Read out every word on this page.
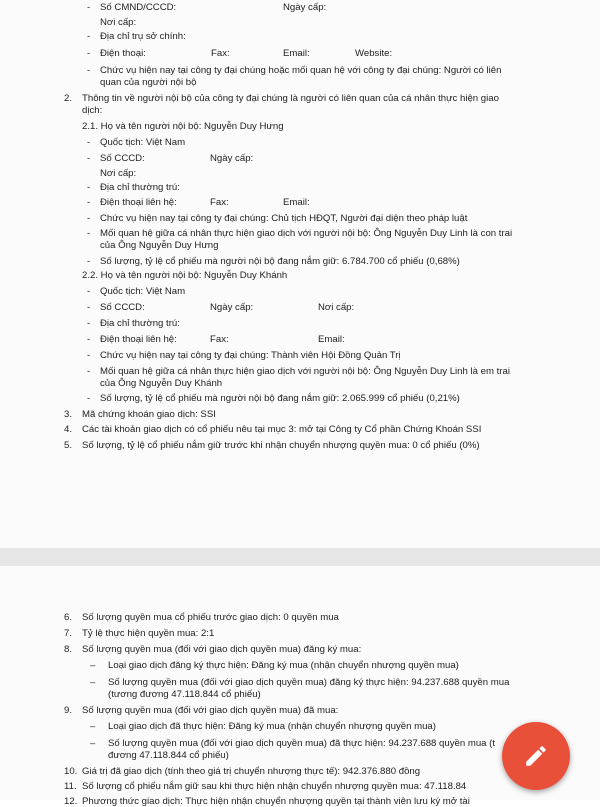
- Số CMND/CCCD:	Ngày cấp:
Nơi cấp:
- Địa chỉ trụ sở chính:
- Điện thoại:	Fax:	Email:	Website:
- Chức vụ hiện nay tại công ty đại chúng hoặc mối quan hệ với công ty đại chúng: Người có liên
quan của người nội bộ
2. Thông tin về người nội bộ của công ty đại chúng là người có liên quan của cá nhân thực hiện giao
dịch:
2.1. Họ và tên người nội bộ: Nguyễn Duy Hưng
- Quốc tịch: Việt Nam
- Số CCCD:	Ngày cấp:
Nơi cấp:
- Địa chỉ thường trú:
- Điện thoại liên hệ:	Fax:	Email:
- Chức vụ hiện nay tại công ty đại chúng: Chủ tịch HĐQT, Người đại diện theo pháp luật
- Mối quan hệ giữa cá nhân thực hiện giao dịch với người nội bộ: Ông Nguyễn Duy Linh là con trai
của Ông Nguyễn Duy Hưng
- Số lượng, tỷ lệ cổ phiếu mà người nội bộ đang nắm giữ: 6.784.700 cổ phiếu (0,68%)
2.2. Họ và tên người nội bộ: Nguyễn Duy Khánh
- Quốc tịch: Việt Nam
- Số CCCD:	Ngày cấp:	Nơi cấp:
- Địa chỉ thường trú:
- Điện thoại liên hệ:	Fax:	Email:
- Chức vụ hiện nay tại công ty đại chúng: Thành viên Hội Đồng Quản Trị
- Mối quan hệ giữa cá nhân thực hiện giao dịch với người nội bộ: Ông Nguyễn Duy Linh là em trai
của Ông Nguyễn Duy Khánh
- Số lượng, tỷ lệ cổ phiếu mà người nội bộ đang nắm giữ: 2.065.999 cổ phiếu (0,21%)
3. Mã chứng khoán giao dịch: SSI
4. Các tài khoản giao dịch có cổ phiếu nêu tại mục 3: mở tại Công ty Cổ phần Chứng Khoán SSI
5. Số lượng, tỷ lệ cổ phiếu nắm giữ trước khi nhận chuyển nhượng quyền mua: 0 cổ phiếu (0%)
6. Số lượng quyền mua cổ phiếu trước giao dịch: 0 quyền mua
7. Tỷ lệ thực hiện quyền mua: 2:1
8. Số lượng quyền mua (đối với giao dịch quyền mua) đăng ký mua:
– Loại giao dịch đăng ký thực hiện: Đăng ký mua (nhận chuyển nhượng quyền mua)
– Số lượng quyền mua (đối với giao dịch quyền mua) đăng ký thực hiện: 94.237.688 quyền mua
(tương đương 47.118.844 cổ phiếu)
9. Số lượng quyền mua (đối với giao dịch quyền mua) đã mua:
– Loại giao dịch đã thực hiện: Đăng ký mua (nhận chuyển nhượng quyền mua)
– Số lượng quyền mua (đối với giao dịch quyền mua) đã thực hiện: 94.237.688 quyền mua (t
đương 47.118.844 cổ phiếu)
10. Giá trị đã giao dịch (tính theo giá trị chuyển nhượng thực tế): 942.376.880 đồng
11. Số lượng cổ phiếu nắm giữ sau khi thực hiện nhận chuyển nhượng quyền mua: 47.118.84
12. Phương thức giao dịch: Thực hiện nhận chuyển nhượng quyền tại thành viên lưu ký mở tài
